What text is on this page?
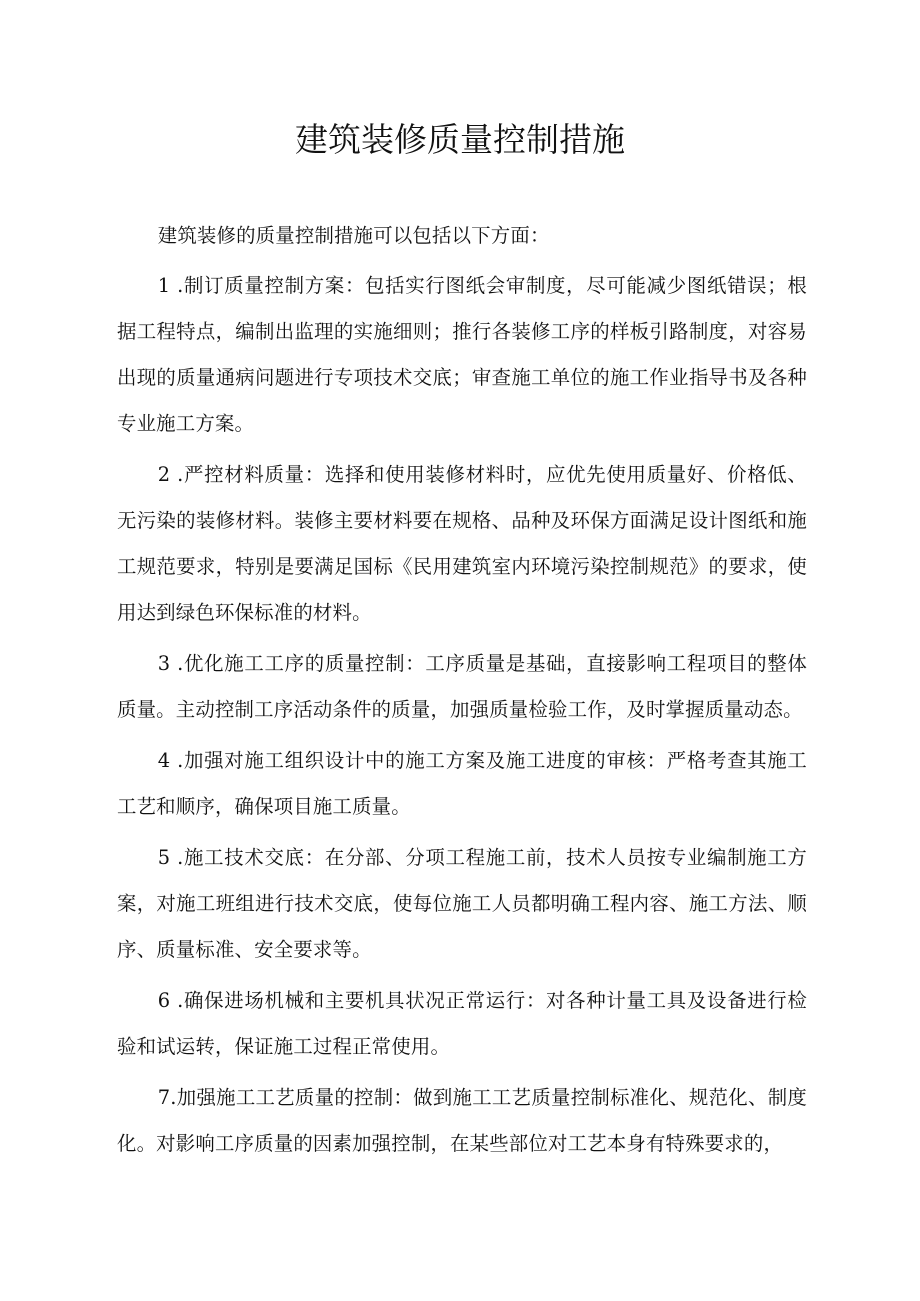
建筑装修质量控制措施

建筑装修的质量控制措施可以包括以下方面：

1 .制订质量控制方案：包括实行图纸会审制度，尽可能减少图纸错误；根据工程特点，编制出监理的实施细则；推行各装修工序的样板引路制度，对容易出现的质量通病问题进行专项技术交底；审查施工单位的施工作业指导书及各种专业施工方案。

2 .严控材料质量：选择和使用装修材料时，应优先使用质量好、价格低、无污染的装修材料。装修主要材料要在规格、品种及环保方面满足设计图纸和施工规范要求，特别是要满足国标《民用建筑室内环境污染控制规范》的要求，使用达到绿色环保标准的材料。

3 .优化施工工序的质量控制：工序质量是基础，直接影响工程项目的整体质量。主动控制工序活动条件的质量，加强质量检验工作，及时掌握质量动态。

4 .加强对施工组织设计中的施工方案及施工进度的审核：严格考查其施工工艺和顺序，确保项目施工质量。

5 .施工技术交底：在分部、分项工程施工前，技术人员按专业编制施工方案，对施工班组进行技术交底，使每位施工人员都明确工程内容、施工方法、顺序、质量标准、安全要求等。

6 .确保进场机械和主要机具状况正常运行：对各种计量工具及设备进行检验和试运转，保证施工过程正常使用。

7.加强施工工艺质量的控制：做到施工工艺质量控制标准化、规范化、制度化。对影响工序质量的因素加强控制，在某些部位对工艺本身有特殊要求的，
